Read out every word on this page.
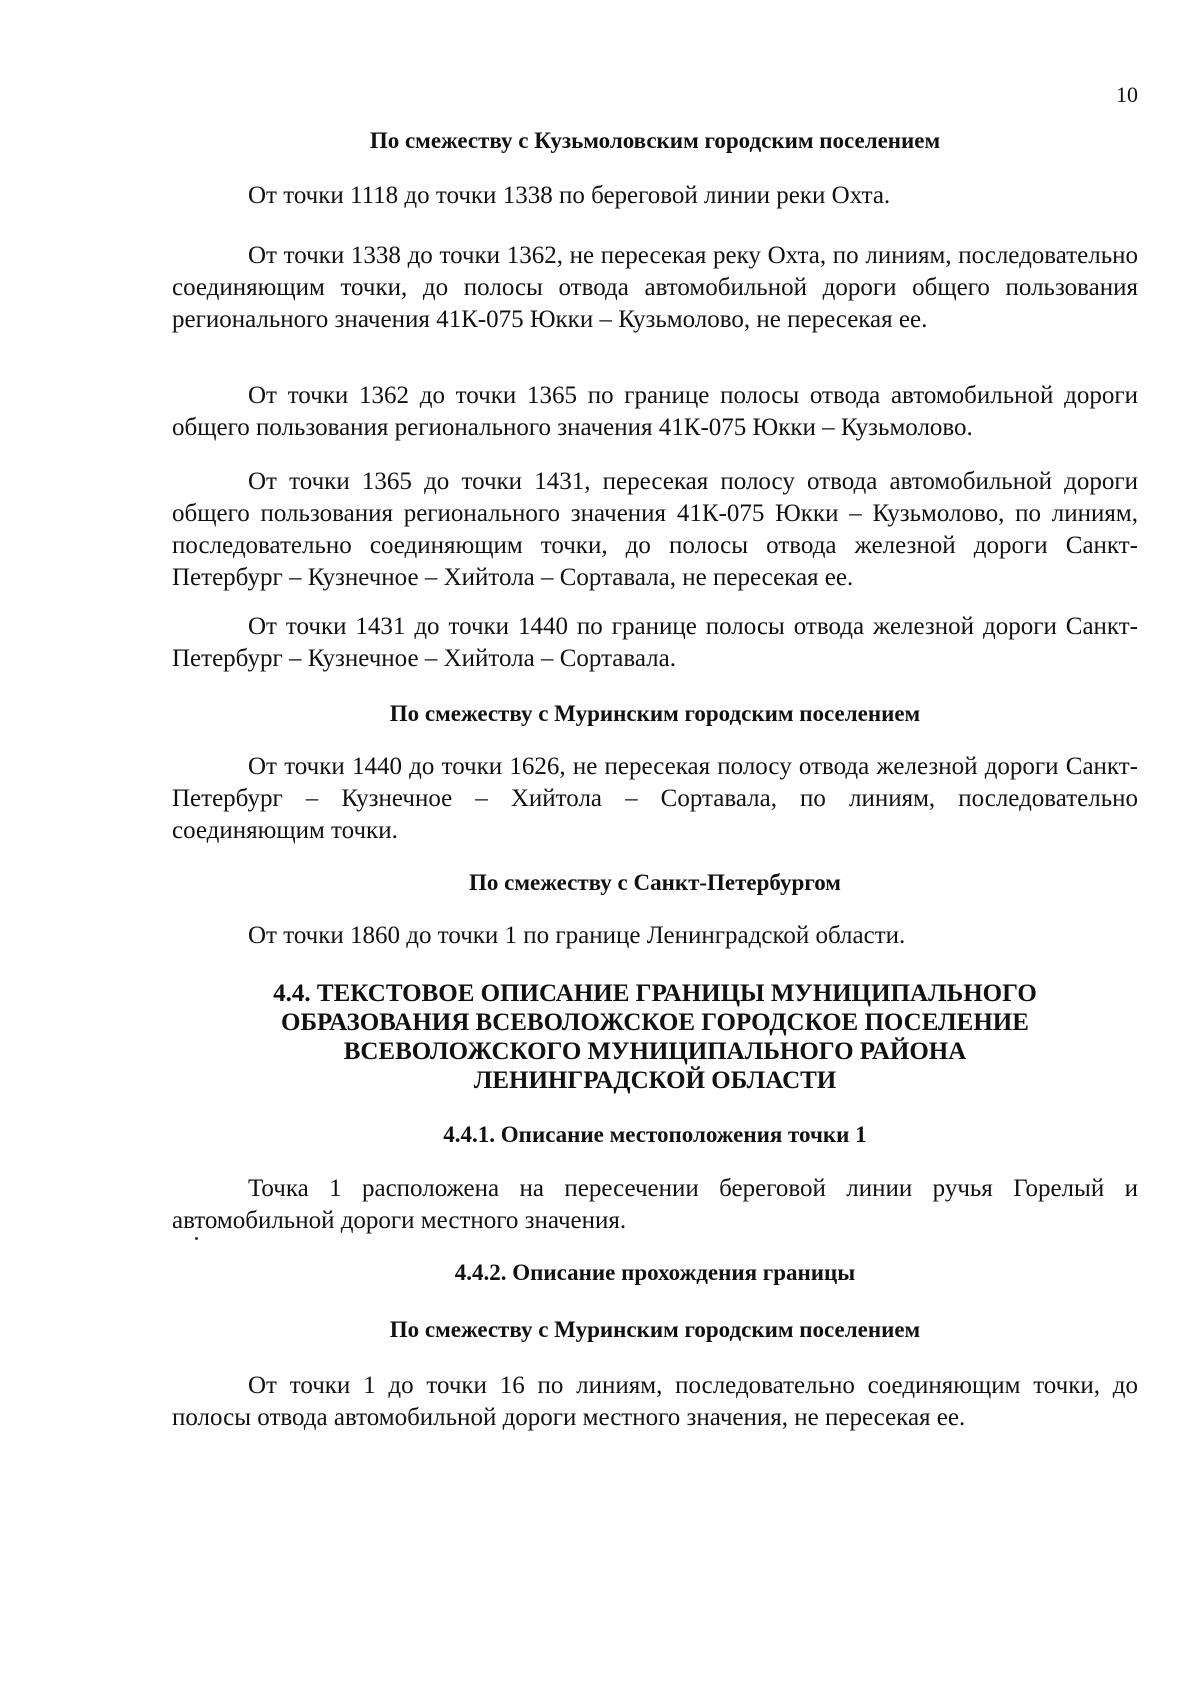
10
По смежеству с Кузьмоловским городским поселением

От точки 1118 до точки 1338 по береговой линии реки Охта.

От точки 1338 до точки 1362, не пересекая реку Охта, по линиям, последовательно соединяющим точки, до полосы отвода автомобильной дороги общего пользования регионального значения 41К-075 Юкки – Кузьмолово, не пересекая ее.

От точки 1362 до точки 1365 по границе полосы отвода автомобильной дороги общего пользования регионального значения 41К-075 Юкки – Кузьмолово.

От точки 1365 до точки 1431, пересекая полосу отвода автомобильной дороги общего пользования регионального значения 41К-075 Юкки – Кузьмолово, по линиям, последовательно соединяющим точки, до полосы отвода железной дороги Санкт-Петербург – Кузнечное – Хийтола – Сортавала, не пересекая ее.

От точки 1431 до точки 1440 по границе полосы отвода железной дороги Санкт-Петербург – Кузнечное – Хийтола – Сортавала.

По смежеству с Муринским городским поселением

От точки 1440 до точки 1626, не пересекая полосу отвода железной дороги Санкт-Петербург – Кузнечное – Хийтола – Сортавала, по линиям, последовательно соединяющим точки.

По смежеству с Санкт-Петербургом

От точки 1860 до точки 1 по границе Ленинградской области.

4.4. ТЕКСТОВОЕ ОПИСАНИЕ ГРАНИЦЫ МУНИЦИПАЛЬНОГО
ОБРАЗОВАНИЯ ВСЕВОЛОЖСКОЕ ГОРОДСКОЕ ПОСЕЛЕНИЕ
ВСЕВОЛОЖСКОГО МУНИЦИПАЛЬНОГО РАЙОНА
ЛЕНИНГРАДСКОЙ ОБЛАСТИ
4.4.1. Описание местоположения точки 1

Точка 1 расположена на пересечении береговой линии ручья Горелый и автомобильной дороги местного значения.

4.4.2. Описание прохождения границы
По смежеству с Муринским городским поселением

От точки 1 до точки 16 по линиям, последовательно соединяющим точки, до полосы отвода автомобильной дороги местного значения, не пересекая ее.
